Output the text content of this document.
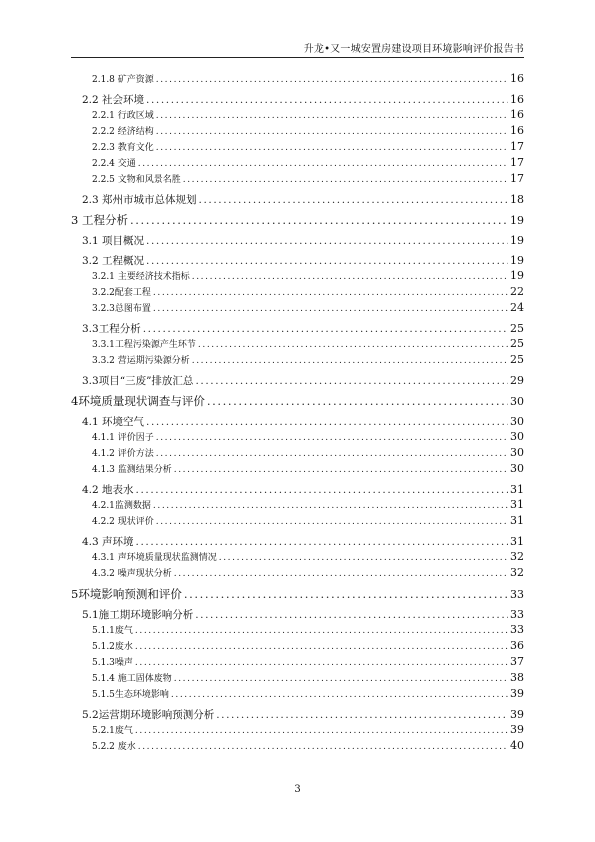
升龙•又一城安置房建设项目环境影响评价报告书
2.1.8 矿产资源 .....	16
2.2 社会环境 .....	16
2.2.1 行政区域 .....	16
2.2.2 经济结构 .....	16
2.2.3 教育文化 .....	17
2.2.4 交通 .....	17
2.2.5 文物和风景名胜 .....	17
2.3 郑州市城市总体规划 .....	18
3 工程分析 .....	19
3.1 项目概况 .....	19
3.2 工程概况 .....	19
3.2.1 主要经济技术指标 .....	19
3.2.2配套工程 .....	22
3.2.3总图布置 .....	24
3.3工程分析 .....	25
3.3.1工程污染源产生环节 .....	25
3.3.2 营运期污染源分析 .....	25
3.3项目“三废”排放汇总 .....	29
4环境质量现状调查与评价 .....	30
4.1 环境空气 .....	30
4.1.1 评价因子 .....	30
4.1.2 评价方法 .....	30
4.1.3 监测结果分析 .....	30
4.2 地表水 .....	31
4.2.1监测数据 .....	31
4.2.2 现状评价 .....	31
4.3 声环境 .....	31
4.3.1 声环境质量现状监测情况 .....	32
4.3.2 噪声现状分析 .....	32
5环境影响预测和评价 .....	33
5.1施工期环境影响分析 .....	33
5.1.1废气 .....	33
5.1.2废水 .....	36
5.1.3噪声 .....	37
5.1.4 施工固体废物 .....	38
5.1.5生态环境影响 .....	39
5.2运营期环境影响预测分析 .....	39
5.2.1废气 .....	39
5.2.2 废水 .....	40
3
